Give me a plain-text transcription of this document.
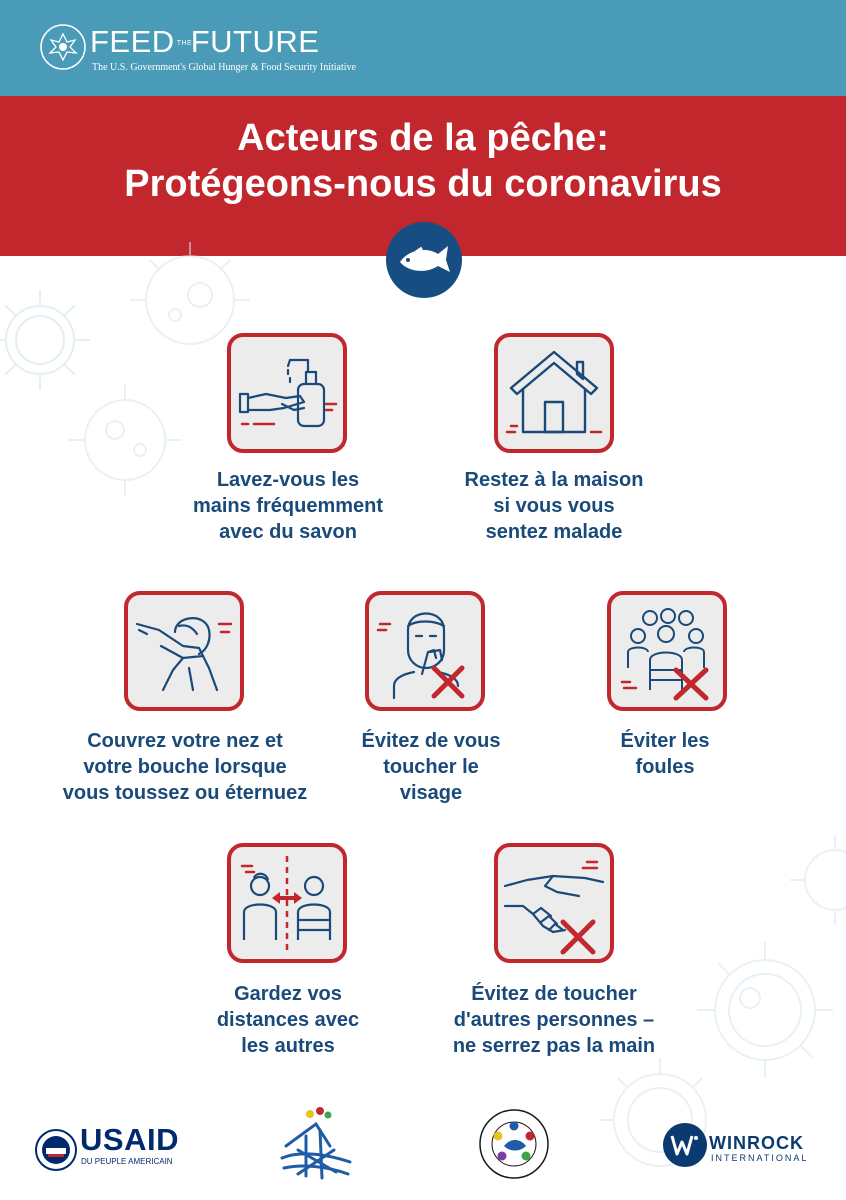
FEED THEFUTURE
The U.S. Government's Global Hunger & Food Security Initiative
Acteurs de la pêche:
Protégeons-nous du coronavirus
Lavez-vous les
mains fréquemment
avec du savon
Restez à la maison
si vous vous
sentez malade
Couvrez votre nez et
votre bouche lorsque
vous toussez ou éternuez
Évitez de vous
toucher le
visage
Éviter les
foules
Gardez vos
distances avec
les autres
Évitez de toucher
d'autres personnes –
ne serrez pas la main
USAID
DU PEUPLE AMERICAIN
WINROCK
INTERNATIONAL
